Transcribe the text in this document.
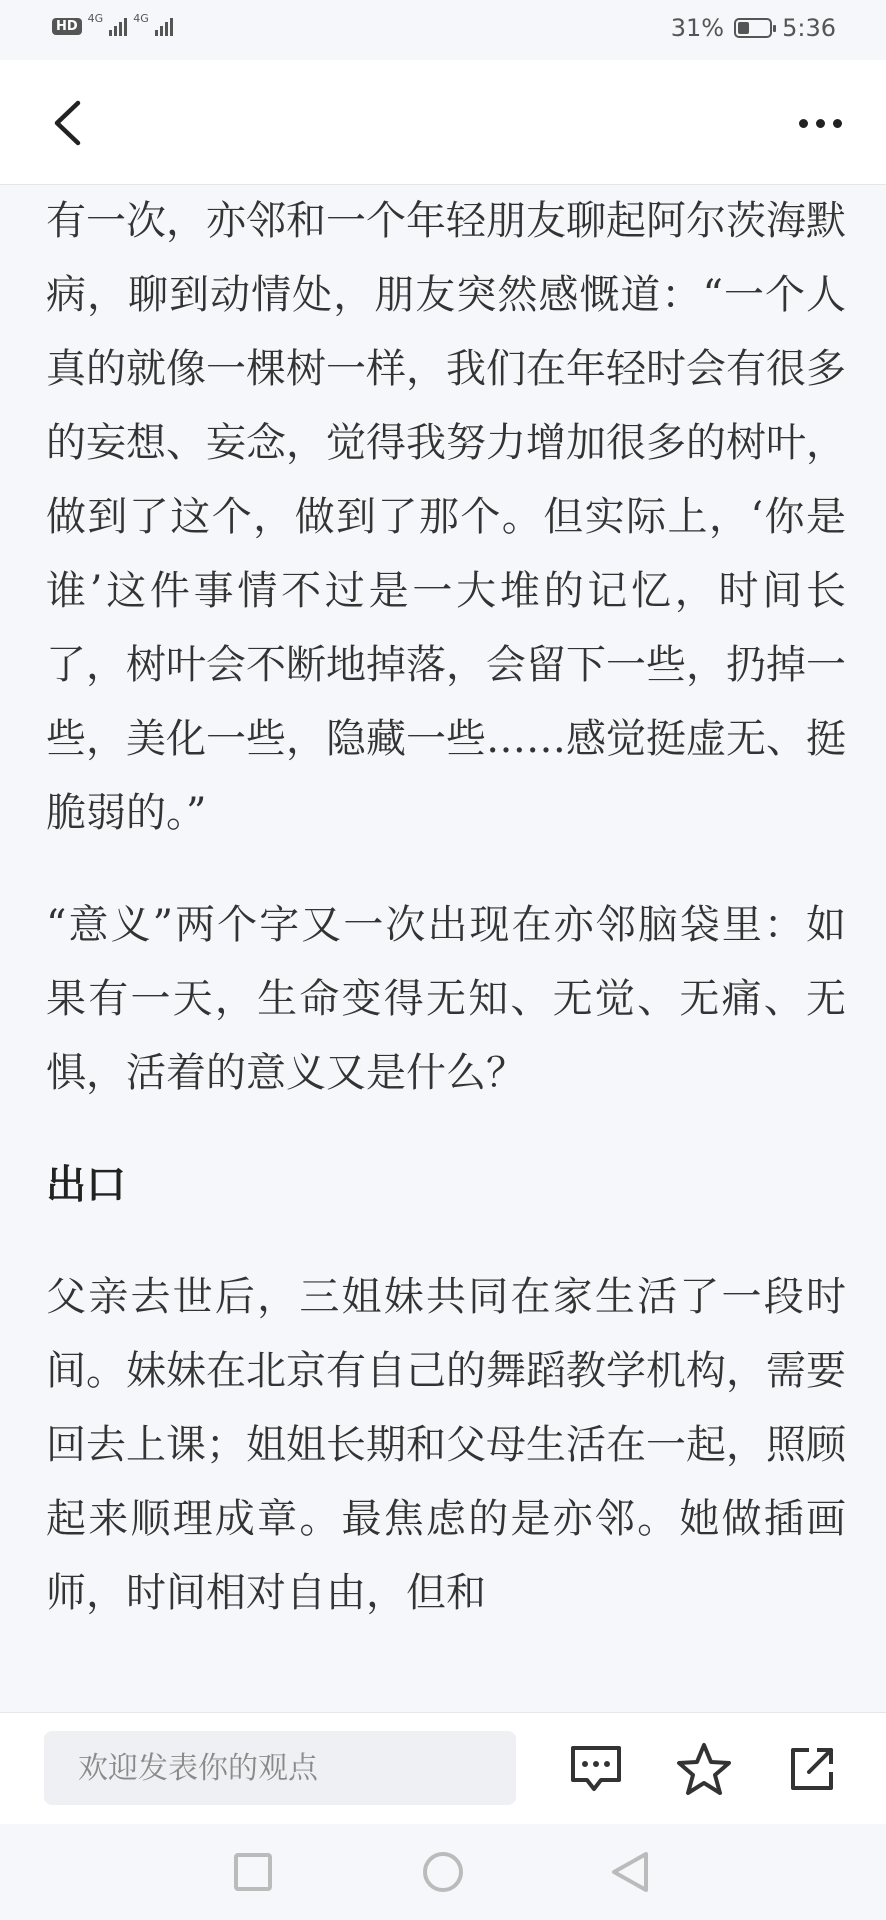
HD
4G	4G	31% 5:36

有一次，亦邻和一个年轻朋友聊起阿尔茨海默病，聊到动情处，朋友突然感慨道：“一个人真的就像一棵树一样，我们在年轻时会有很多的妄想、妄念，觉得我努力增加很多的树叶，做到了这个，做到了那个。但实际上，‘你是谁’这件事情不过是一大堆的记忆，时间长了，树叶会不断地掉落，会留下一些，扔掉一些，美化一些，隐藏一些……感觉挺虚无、挺脆弱的。”

“意义”两个字又一次出现在亦邻脑袋里：如果有一天，生命变得无知、无觉、无痛、无惧，活着的意义又是什么？

出口

父亲去世后，三姐妹共同在家生活了一段时间。妹妹在北京有自己的舞蹈教学机构，需要回去上课；姐姐长期和父母生活在一起，照顾起来顺理成章。最焦虑的是亦邻。她做插画师，时间相对自由，但和

欢迎发表你的观点
